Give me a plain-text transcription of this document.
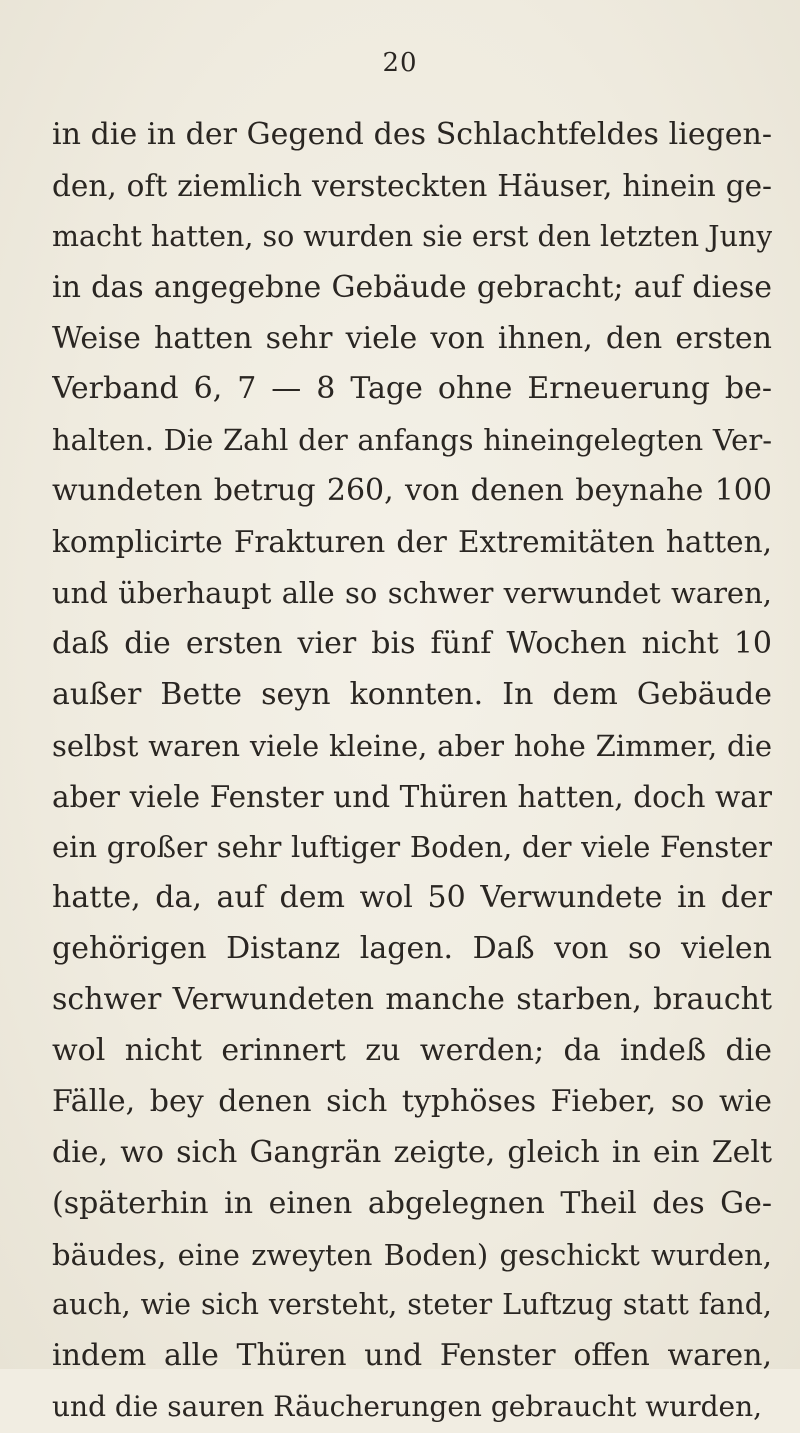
20
in die in der Gegend des Schlachtfeldes liegen-
den, oft ziemlich versteckten Häuser, hinein ge-
macht hatten, so wurden sie erst den letzten Juny
in das angegebne Gebäude gebracht; auf diese
Weise hatten sehr viele von ihnen, den ersten
Verband 6, 7 — 8 Tage ohne Erneuerung be-
halten. Die Zahl der anfangs hineingelegten Ver-
wundeten betrug 260, von denen beynahe 100
komplicirte Frakturen der Extremitäten hatten,
und überhaupt alle so schwer verwundet waren,
daß die ersten vier bis fünf Wochen nicht 10
außer Bette seyn konnten. In dem Gebäude
selbst waren viele kleine, aber hohe Zimmer, die
aber viele Fenster und Thüren hatten, doch war
ein großer sehr luftiger Boden, der viele Fenster
hatte, da, auf dem wol 50 Verwundete in der
gehörigen Distanz lagen. Daß von so vielen
schwer Verwundeten manche starben, braucht
wol nicht erinnert zu werden; da indeß die
Fälle, bey denen sich typhöses Fieber, so wie
die, wo sich Gangrän zeigte, gleich in ein Zelt
(späterhin in einen abgelegnen Theil des Ge-
bäudes, eine zweyten Boden) geschickt wurden,
auch, wie sich versteht, steter Luftzug statt fand,
indem alle Thüren und Fenster offen waren,
und die sauren Räucherungen gebraucht wurden,
